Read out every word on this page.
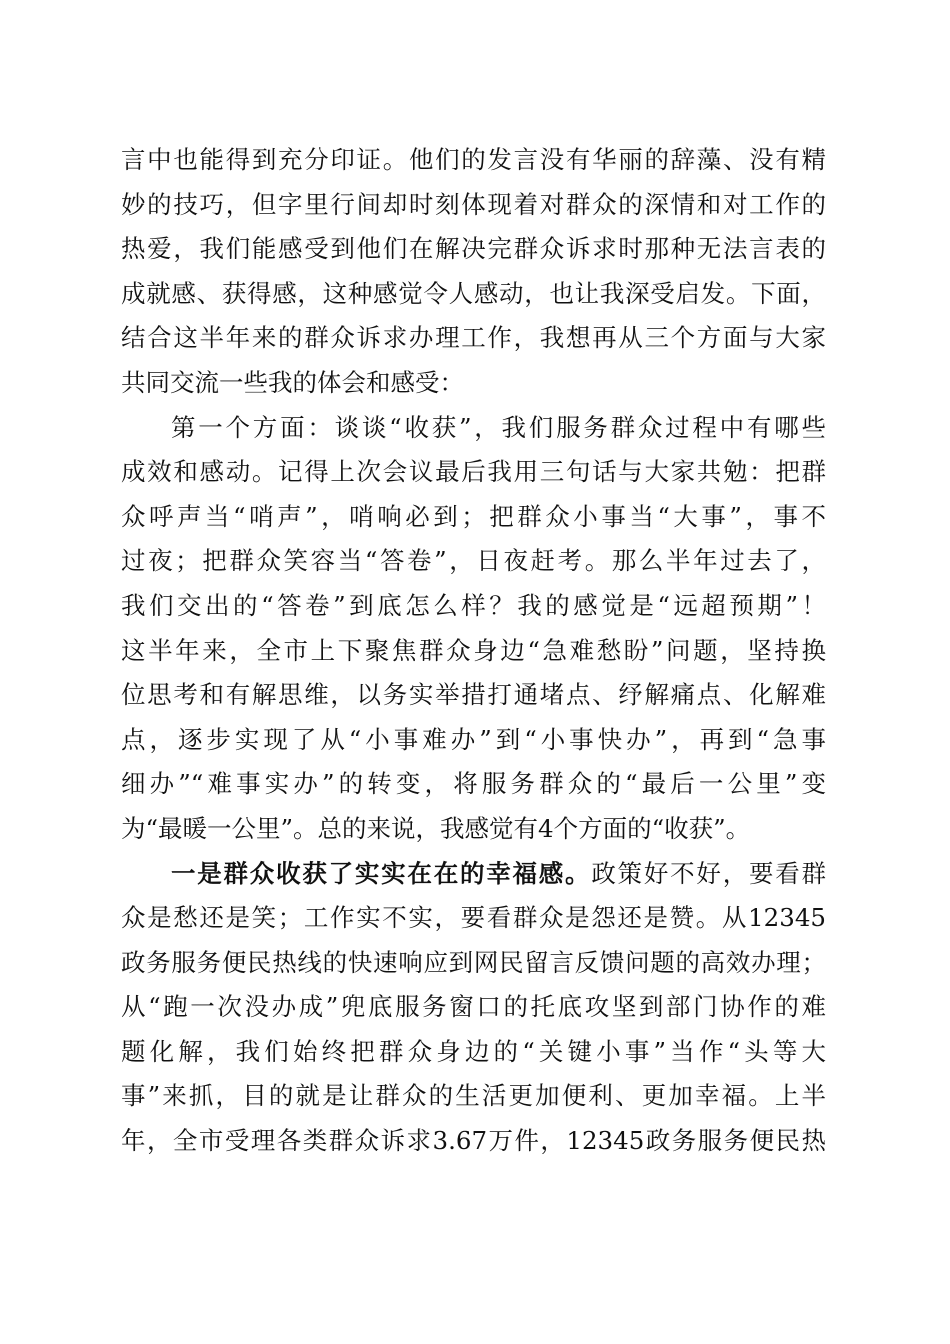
言中也能得到充分印证。他们的发言没有华丽的辞藻、没有精
妙的技巧，但字里行间却时刻体现着对群众的深情和对工作的
热爱，我们能感受到他们在解决完群众诉求时那种无法言表的
成就感、获得感，这种感觉令人感动，也让我深受启发。下面，
结合这半年来的群众诉求办理工作，我想再从三个方面与大家
共同交流一些我的体会和感受：
第一个方面：谈谈“收获”，我们服务群众过程中有哪些
成效和感动。记得上次会议最后我用三句话与大家共勉：把群
众呼声当“哨声”，哨响必到；把群众小事当“大事”，事不
过夜；把群众笑容当“答卷”，日夜赶考。那么半年过去了，
我们交出的“答卷”到底怎么样？我的感觉是“远超预期”！
这半年来，全市上下聚焦群众身边“急难愁盼”问题，坚持换
位思考和有解思维，以务实举措打通堵点、纾解痛点、化解难
点，逐步实现了从“小事难办”到“小事快办”，再到“急事
细办”“难事实办”的转变，将服务群众的“最后一公里”变
为“最暖一公里”。总的来说，我感觉有4个方面的“收获”。
一是群众收获了实实在在的幸福感。政策好不好，要看群
众是愁还是笑；工作实不实，要看群众是怨还是赞。从12345
政务服务便民热线的快速响应到网民留言反馈问题的高效办理；
从“跑一次没办成”兜底服务窗口的托底攻坚到部门协作的难
题化解，我们始终把群众身边的“关键小事”当作“头等大
事”来抓，目的就是让群众的生活更加便利、更加幸福。上半
年，全市受理各类群众诉求3.67万件，12345政务服务便民热
